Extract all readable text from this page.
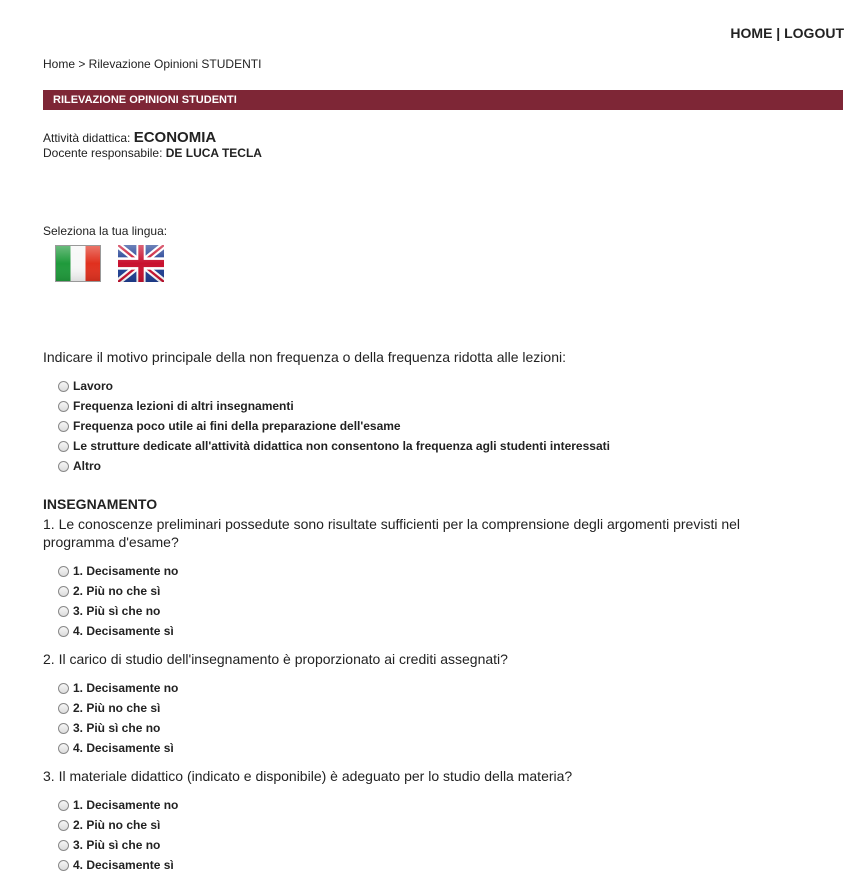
HOME | LOGOUT
Home > Rilevazione Opinioni STUDENTI
RILEVAZIONE OPINIONI STUDENTI
Attività didattica: ECONOMIA
Docente responsabile: DE LUCA TECLA
Seleziona la tua lingua:
Indicare il motivo principale della non frequenza o della frequenza ridotta alle lezioni:
Lavoro
Frequenza lezioni di altri insegnamenti
Frequenza poco utile ai fini della preparazione dell'esame
Le strutture dedicate all'attività didattica non consentono la frequenza agli studenti interessati
Altro
INSEGNAMENTO
1. Le conoscenze preliminari possedute sono risultate sufficienti per la comprensione degli argomenti previsti nel programma d'esame?
1. Decisamente no
2. Più no che sì
3. Più sì che no
4. Decisamente sì
2. Il carico di studio dell'insegnamento è proporzionato ai crediti assegnati?
1. Decisamente no
2. Più no che sì
3. Più sì che no
4. Decisamente sì
3. Il materiale didattico (indicato e disponibile) è adeguato per lo studio della materia?
1. Decisamente no
2. Più no che sì
3. Più sì che no
4. Decisamente sì
